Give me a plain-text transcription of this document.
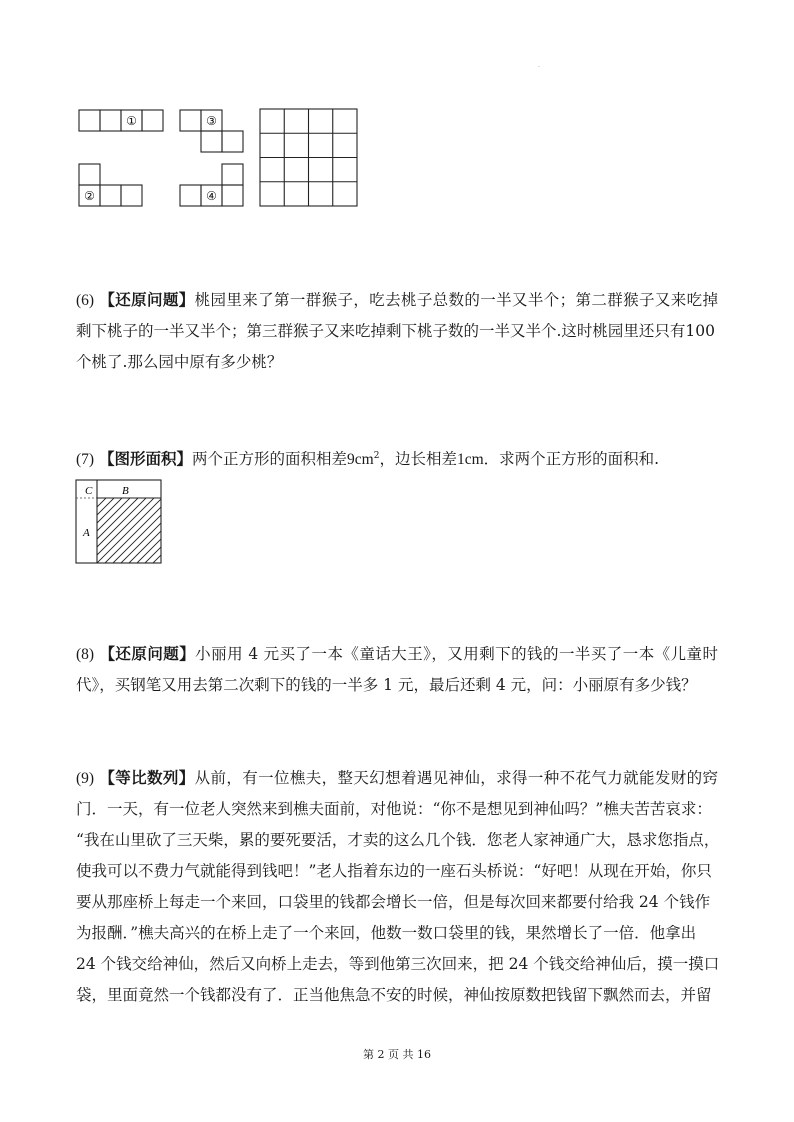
·
①
②
③
④
(6) 【还原问题】桃园里来了第一群猴子，吃去桃子总数的一半又半个；第二群猴子又来吃掉
剩下桃子的一半又半个；第三群猴子又来吃掉剩下桃子数的一半又半个.这时桃园里还只有100
个桃了.那么园中原有多少桃？
(7) 【图形面积】两个正方形的面积相差$9cm^2$，边长相差1cm．求两个正方形的面积和.
C	B
A
(8) 【还原问题】小丽用 4 元买了一本《童话大王》，又用剩下的钱的一半买了一本《儿童时
代》，买钢笔又用去第二次剩下的钱的一半多 1 元，最后还剩 4 元，问：小丽原有多少钱？
(9) 【等比数列】从前，有一位樵夫，整天幻想着遇见神仙，求得一种不花气力就能发财的窍
门．一天，有一位老人突然来到樵夫面前，对他说：“你不是想见到神仙吗？”樵夫苦苦哀求：
“我在山里砍了三天柴，累的要死要活，才卖的这么几个钱．您老人家神通广大，恳求您指点，
使我可以不费力气就能得到钱吧！”老人指着东边的一座石头桥说：“好吧！从现在开始，你只
要从那座桥上每走一个来回，口袋里的钱都会增长一倍，但是每次回来都要付给我 24 个钱作
为报酬．”樵夫高兴的在桥上走了一个来回，他数一数口袋里的钱，果然增长了一倍．他拿出
24 个钱交给神仙，然后又向桥上走去，等到他第三次回来，把 24 个钱交给神仙后，摸一摸口
袋，里面竟然一个钱都没有了．正当他焦急不安的时候，神仙按原数把钱留下飘然而去，并留
第 2 页 共 16
